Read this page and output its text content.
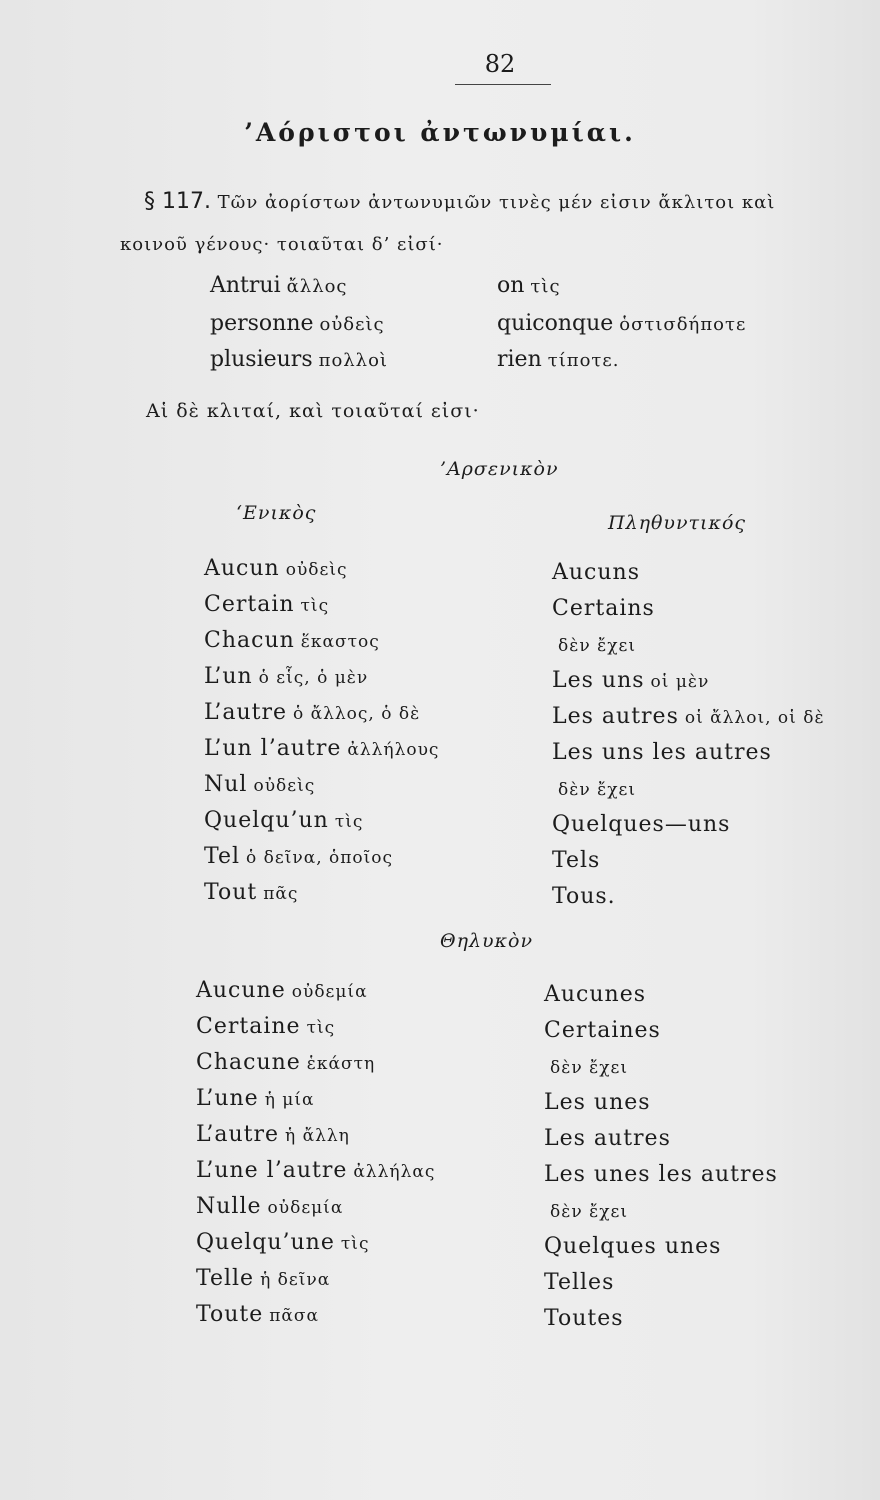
82
’Αόριστοι ἀντωνυμίαι.
§ 117. Τῶν ἀορίστων ἀντωνυμιῶν τινὲς μέν εἰσιν ἄκλιτοι καὶ
κοινοῦ γένους· τοιαῦται δ’ εἰσί·
Antrui ἄλλος
personne οὐδεὶς
plusieurs πολλοὶ
on τὶς
quiconque ὁστισδήποτε
rien τίποτε.
Αἱ δὲ κλιταί, καὶ τοιαῦταί εἰσι·
’Αρσενικὸν
‘Ενικὸς	Πληθυντικός
Aucun οὐδεὶς
Certain τὶς
Chacun ἕκαστος
L’un ὁ εἷς, ὁ μὲν
L’autre ὁ ἄλλος, ὁ δὲ
L’un l’autre ἀλλήλους
Nul οὐδεὶς
Quelqu’un τὶς
Tel ὁ δεῖνα, ὁποῖος
Tout πᾶς
Aucuns
Certains
δὲν ἔχει
Les uns οἱ μὲν
Les autres οἱ ἄλλοι, οἱ δὲ
Les uns les autres
δὲν ἔχει
Quelques—uns
Tels
Tous.
Θηλυκὸν
Aucune οὐδεμία
Certaine τὶς
Chacune ἑκάστη
L’une ἡ μία
L’autre ἡ ἄλλη
L’une l’autre ἀλλήλας
Nulle οὐδεμία
Quelqu’une τὶς
Telle ἡ δεῖνα
Toute πᾶσα
Aucunes
Certaines
δὲν ἔχει
Les unes
Les autres
Les unes les autres
δὲν ἔχει
Quelques unes
Telles
Toutes
